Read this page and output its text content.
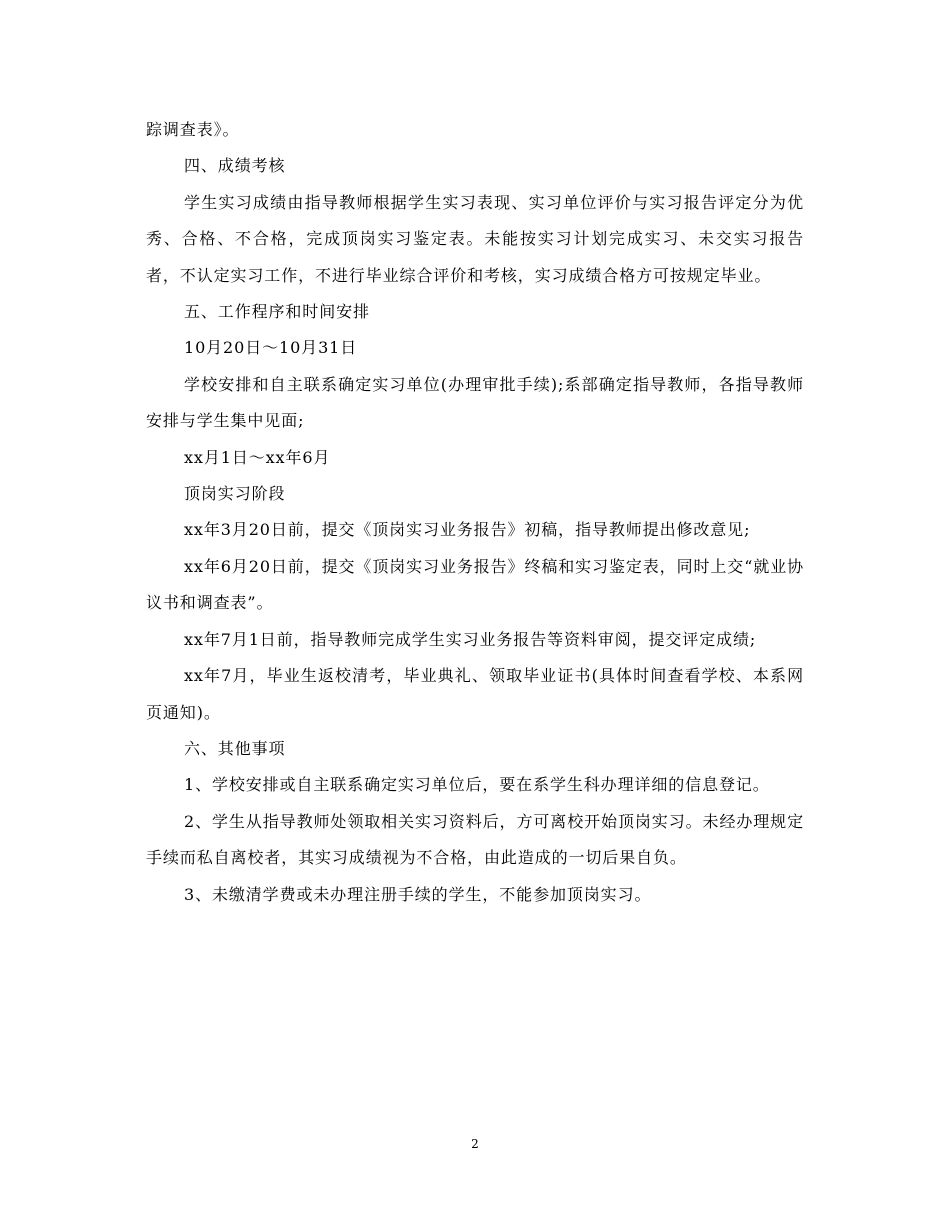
踪调查表》。

四、成绩考核

学生实习成绩由指导教师根据学生实习表现、实习单位评价与实习报告评定分为优秀、合格、不合格，完成顶岗实习鉴定表。未能按实习计划完成实习、未交实习报告者，不认定实习工作，不进行毕业综合评价和考核，实习成绩合格方可按规定毕业。

五、工作程序和时间安排

10月20日～10月31日

学校安排和自主联系确定实习单位(办理审批手续);系部确定指导教师，各指导教师安排与学生集中见面;

xx月1日～xx年6月

顶岗实习阶段

xx年3月20日前，提交《顶岗实习业务报告》初稿，指导教师提出修改意见;

xx年6月20日前，提交《顶岗实习业务报告》终稿和实习鉴定表，同时上交“就业协议书和调查表”。

xx年7月1日前，指导教师完成学生实习业务报告等资料审阅，提交评定成绩;

xx年7月，毕业生返校清考，毕业典礼、领取毕业证书(具体时间查看学校、本系网页通知)。

六、其他事项

1、学校安排或自主联系确定实习单位后，要在系学生科办理详细的信息登记。

2、学生从指导教师处领取相关实习资料后，方可离校开始顶岗实习。未经办理规定手续而私自离校者，其实习成绩视为不合格，由此造成的一切后果自负。

3、未缴清学费或未办理注册手续的学生，不能参加顶岗实习。

2
